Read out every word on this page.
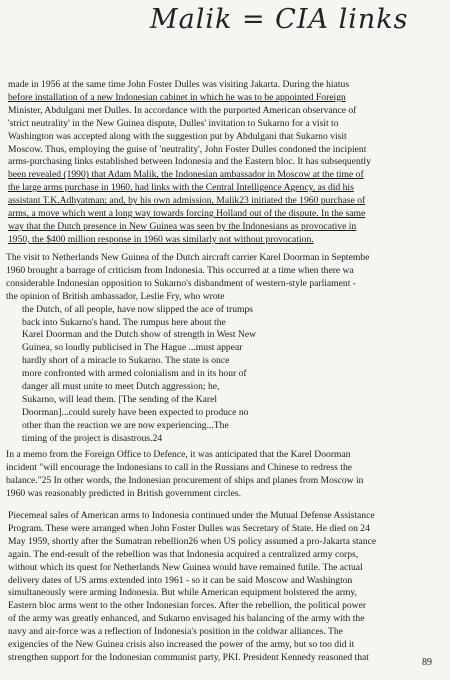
Malik = CIA links
made in 1956 at the same time John Foster Dulles was visiting Jakarta. During the hiatus
before installation of a new Indonesian cabinet in which he was to be appointed Foreign
Minister, Abdulgani met Dulles. In accordance with the purported American observance of
'strict neutrality' in the New Guinea dispute, Dulles' invitation to Sukarno for a visit to
Washington was accepted along with the suggestion put by Abdulgani that Sukarno visit
Moscow. Thus, employing the guise of 'neutrality', John Foster Dulles condoned the incipient
arms-purchasing links established between Indonesia and the Eastern bloc. It has subsequently
been revealed (1990) that Adam Malik, the Indonesian ambassador in Moscow at the time of
the large arms purchase in 1960, had links with the Central Intelligence Agency, as did his
assistant T.K.Adhyatman; and, by his own admission, Malik23 initiated the 1960 purchase of
arms, a move which went a long way towards forcing Holland out of the dispute. In the same
way that the Dutch presence in New Guinea was seen by the Indonesians as provocative in
1950, the $400 million response in 1960 was similarly not without provocation.
The visit to Netherlands New Guinea of the Dutch aircraft carrier Karel Doorman in Septembe
1960 brought a barrage of criticism from Indonesia. This occurred at a time when there wa
considerable Indonesian opposition to Sukarno's disbandment of western-style parliament -
the opinion of British ambassador, Leslie Fry, who wrote
the Dutch, of all people, have now slipped the ace of trumps
back into Sukarno's hand. The rumpus here about the
Karel Doorman and the Dutch show of strength in West New
Guinea, so loudly publicised in The Hague ...must appear
hardly short of a miracle to Sukarno. The state is once
more confronted with armed colonialism and in its hour of
danger all must unite to meet Dutch aggression; he,
Sukarno, will lead them. [The sending of the Karel
Doorman]...could surely have been expected to produce no
other than the reaction we are now experiencing...The
timing of the project is disastrous.24
In a memo from the Foreign Office to Defence, it was anticipated that the Karel Doorman
incident "will encourage the Indonesians to call in the Russians and Chinese to redress the
balance."25 In other words, the Indonesian procurement of ships and planes from Moscow in
1960 was reasonably predicted in British government circles.
Piecemeal sales of American arms to Indonesia continued under the Mutual Defense Assistance
Program. These were arranged when John Foster Dulles was Secretary of State. He died on 24
May 1959, shortly after the Sumatran rebellion26 when US policy assumed a pro-Jakarta stance
again. The end-result of the rebellion was that Indonesia acquired a centralized army corps,
without which its quest for Netherlands New Guinea would have remained futile. The actual
delivery dates of US arms extended into 1961 - so it can be said Moscow and Washington
simultaneously were arming Indonesia. But while American equipment bolstered the army,
Eastern bloc arms went to the other Indonesian forces. After the rebellion, the political power
of the army was greatly enhanced, and Sukarno envisaged his balancing of the army with the
navy and air-force was a reflection of Indonesia's position in the coldwar alliances. The
exigencies of the New Guinea crisis also increased the power of the army, but so too did it
strengthen support for the Indonesian communist party, PKI. President Kennedy reasoned that	89
